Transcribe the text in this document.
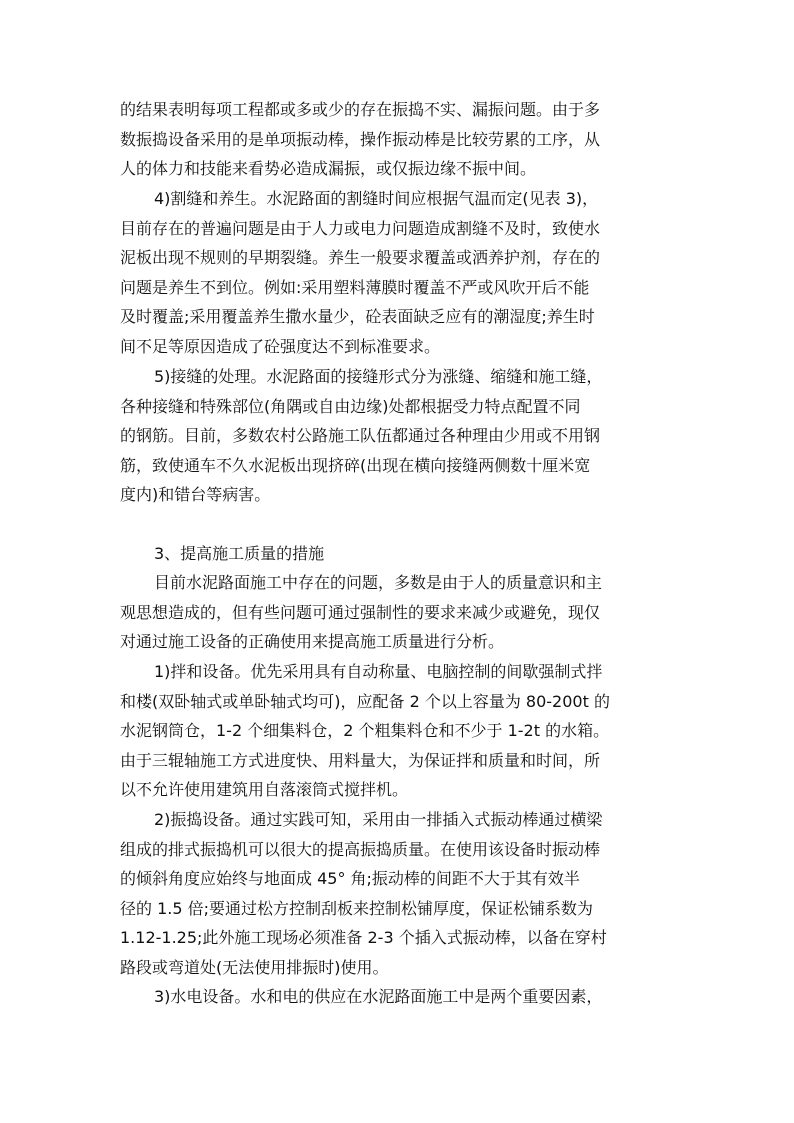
的结果表明每项工程都或多或少的存在振捣不实、漏振问题。由于多
数振捣设备采用的是单项振动棒，操作振动棒是比较劳累的工序，从
人的体力和技能来看势必造成漏振，或仅振边缘不振中间。
4)割缝和养生。水泥路面的割缝时间应根据气温而定(见表 3)，
目前存在的普遍问题是由于人力或电力问题造成割缝不及时，致使水
泥板出现不规则的早期裂缝。养生一般要求覆盖或洒养护剂，存在的
问题是养生不到位。例如:采用塑料薄膜时覆盖不严或风吹开后不能
及时覆盖;采用覆盖养生撒水量少，砼表面缺乏应有的潮湿度;养生时
间不足等原因造成了砼强度达不到标准要求。
5)接缝的处理。水泥路面的接缝形式分为涨缝、缩缝和施工缝，
各种接缝和特殊部位(角隅或自由边缘)处都根据受力特点配置不同
的钢筋。目前，多数农村公路施工队伍都通过各种理由少用或不用钢
筋，致使通车不久水泥板出现挤碎(出现在横向接缝两侧数十厘米宽
度内)和错台等病害。
3、提高施工质量的措施
目前水泥路面施工中存在的问题，多数是由于人的质量意识和主
观思想造成的，但有些问题可通过强制性的要求来减少或避免，现仅
对通过施工设备的正确使用来提高施工质量进行分析。
1)拌和设备。优先采用具有自动称量、电脑控制的间歇强制式拌
和楼(双卧轴式或单卧轴式均可)，应配备 2 个以上容量为 80-200t 的
水泥钢筒仓，1-2 个细集料仓，2 个粗集料仓和不少于 1-2t 的水箱。
由于三辊轴施工方式进度快、用料量大，为保证拌和质量和时间，所
以不允许使用建筑用自落滚筒式搅拌机。
2)振捣设备。通过实践可知，采用由一排插入式振动棒通过横梁
组成的排式振捣机可以很大的提高振捣质量。在使用该设备时振动棒
的倾斜角度应始终与地面成 45° 角;振动棒的间距不大于其有效半
径的 1.5 倍;要通过松方控制刮板来控制松铺厚度，保证松铺系数为
1.12-1.25;此外施工现场必须准备 2-3 个插入式振动棒，以备在穿村
路段或弯道处(无法使用排振时)使用。
3)水电设备。水和电的供应在水泥路面施工中是两个重要因素，
